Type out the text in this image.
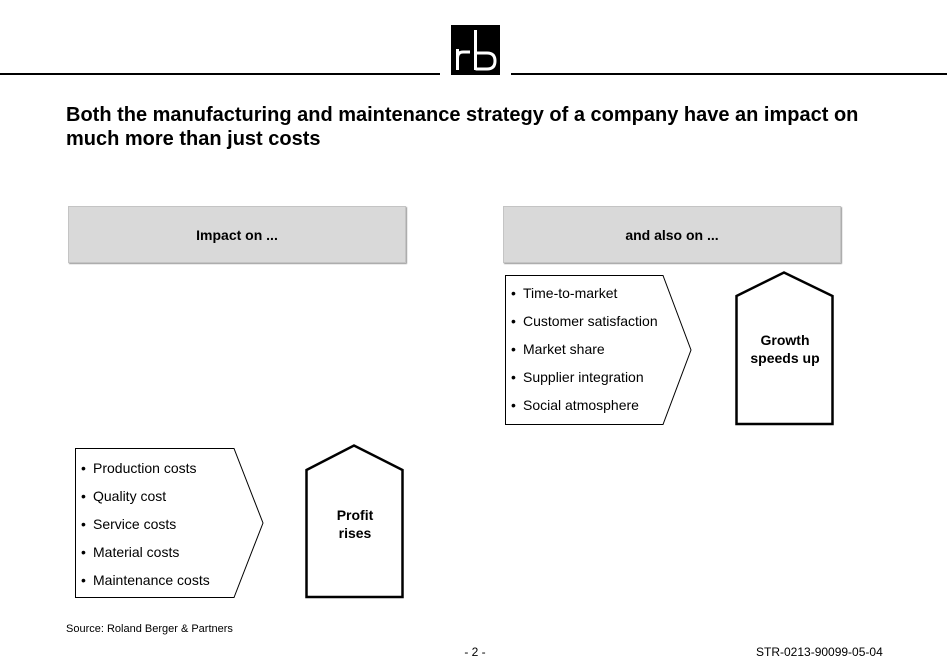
Both the manufacturing and maintenance strategy of a company have an impact on much more than just costs
Impact on ...	and also on ...
• Time-to-market
• Customer satisfaction
• Market share
• Supplier integration
• Social atmosphere
Growth speeds up
• Production costs
• Quality cost
• Service costs
• Material costs
• Maintenance costs
Profit rises
Source: Roland Berger & Partners
- 2 -	STR-0213-90099-05-04
